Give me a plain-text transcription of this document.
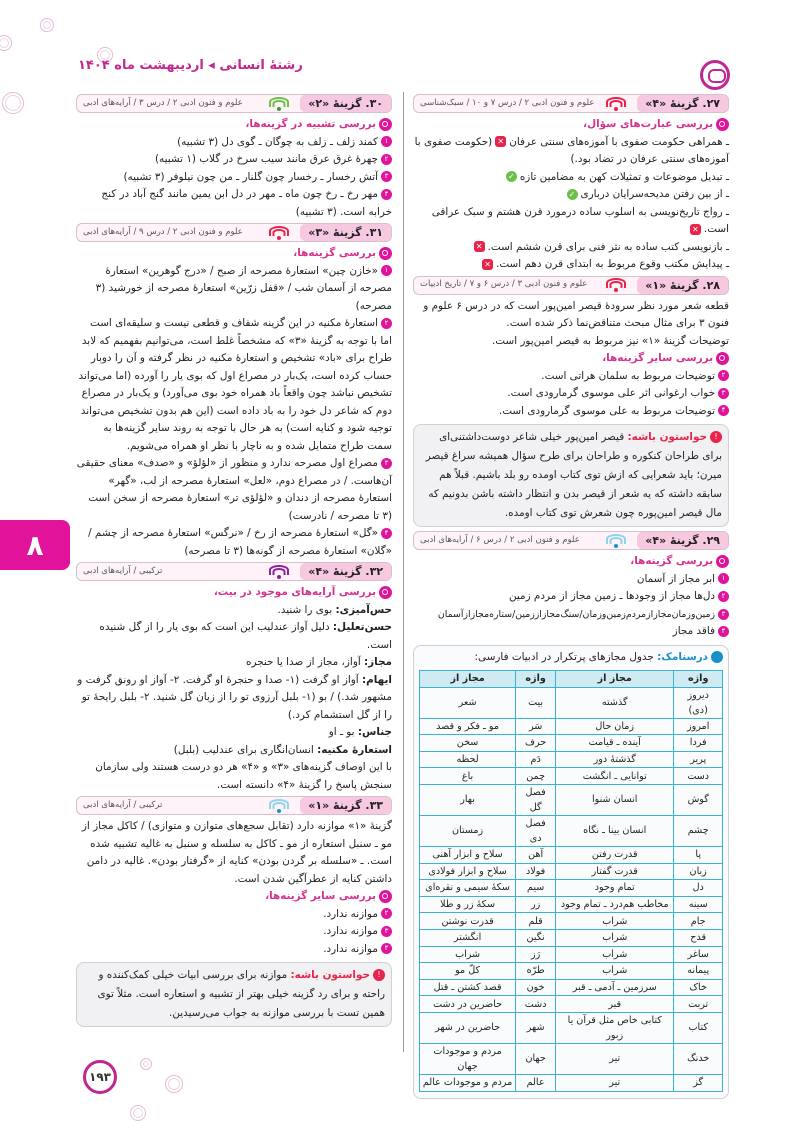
رشتهٔ انسانی ◂ اردیبهشت ماه ۱۴۰۴
۸
۲۷. گزینهٔ «۴»
علوم و فنون ادبی ۲ / درس ۷ و ۱۰ / سبک‌شناسی
بررسی عبارت‌های سؤال،
ـ همراهی حکومت صفوی با آموزه‌های سنتی عرفان✕(حکومت صفوی با آموزه‌های سنتی عرفان در تضاد بود.)
ـ تبدیل موضوعات و تمثیلات کهن به مضامین تازه✓
ـ از بین رفتن مدیحه‌سرایان درباری✓
ـ رواج تاریخ‌نویسی به اسلوب ساده درمورد قرن هشتم و سبک عراقی است.✕
ـ بازنویسی کتب ساده به نثر فنی برای قرن ششم است.✕
ـ پیدایش مکتب وقوع مربوط به ابتدای قرن دهم است.✕
۲۸. گزینهٔ «۱»
علوم و فنون ادبی ۳ / درس ۶ و ۷ / تاریخ ادبیات
قطعه شعر مورد نظر سرودهٔ قیصر امین‌پور است که در درس ۶ علوم و فنون ۳ برای مثال مبحث متناقض‌نما ذکر شده است.
توضیحات گزینهٔ «۱» نیز مربوط به قیصر امین‌پور است.
بررسی سایر گزینه‌ها،
۲توضیحات مربوط به سلمان هراتی است.
۳خواب ارغوانی اثر علی موسوی گرمارودی است.
۴توضیحات مربوط به علی موسوی گرمارودی است.
!حواستون باشه: قیصر امین‌پور خیلی شاعر دوست‌داشتنی‌ای برای طراحان کنکوره و طراحان برای طرح سؤال همیشه سراغ قیصر میرن؛ باید شعرایی که ازش توی کتاب اومده رو بلد باشیم. قبلاً هم سابقه داشته که یه شعر از قیصر بدن و انتظار داشته باشن بدونیم که مال قیصر امین‌پوره چون شعرش توی کتاب اومده.
۲۹. گزینهٔ «۴»
علوم و فنون ادبی ۲ / درس ۶ / آرایه‌های ادبی
بررسی گزینه‌ها،
۱ابر مجاز از آسمان
۲دل‌ها مجاز از وجودها ـ زمین مجاز از مردم زمین
۳زمین‌وزمان‌مجازازمردم‌زمین‌وزمان/سنگ‌مجازاززمین/ستاره‌مجازازآسمان
۴فاقد مجاز
درسنامک: جدول مجازهای پرتکرار در ادبیات فارسی:
واژه	مجاز از	واژه	مجاز از
دیروز (دی)	گذشته	بیت	شعر
امروز	زمان حال	سَر	مو ـ فکر و قصد
فردا	آینده ـ قیامت	حرف	سخن
پریر	گذشتهٔ دور	دَم	لحظه
دست	توانایی ـ انگشت	چمن	باغ
گوش	انسان شنوا	فصل گل	بهار
چشم	انسان بینا ـ نگاه	فصل دی	زمستان
پا	قدرت رفتن	آهن	سلاح و ابزار آهنی
زبان	قدرت گفتار	فولاد	سلاح و ابزار فولادی
دل	تمام وجود	سیم	سکهٔ سیمی و نقره‌ای
سینه	مخاطب هم‌درد ـ تمام وجود	زر	سکهٔ زر و طلا
جام	شراب	قلم	قدرت نوشتن
قدح	شراب	نگین	انگشتر
ساغر	شراب	رَز	شراب
پیمانه	شراب	طرّه	کلّ مو
خاک	سرزمین ـ آدمی ـ قبر	خون	قصد کشتن ـ قتل
تربت	قبر	دشت	حاضرین در دشت
کتاب	کتابی خاص مثل قرآن یا زبور	شهر	حاضرین در شهر
خدنگ	تیر	جهان	مردم و موجودات جهان
گز	تیر	عالم	مردم و موجودات عالم
۳۰. گزینهٔ «۲»
علوم و فنون ادبی ۲ / درس ۳ / آرایه‌های ادبی
بررسی تشبیه در گزینه‌ها،
۱کمند زلف ـ زلف به چوگان ـ گوی دل (۳ تشبیه)
۲چهرهٔ غرق عرق مانند سیب سرخ در گلاب (۱ تشبیه)
۳آتش رخسار ـ رخسار چون گلنار ـ من چون نیلوفر (۳ تشبیه)
۴مهر رخ ـ رخ چون ماه ـ مهر در دل ابن یمین مانند گنج آباد در کنج خرابه است. (۳ تشبیه)
۳۱. گزینهٔ «۳»
علوم و فنون ادبی ۲ / درس ۹ / آرایه‌های ادبی
بررسی گزینه‌ها،
۱«خازن چین» استعارهٔ مصرحه از صبح / «درج گوهرین» استعارهٔ مصرحه از آسمان شب / «قفل زرّین» استعارهٔ مصرحه از خورشید (۳ مصرحه)
۲استعارهٔ مکنیه در این گزینه شفاف و قطعی نیست و سلیقه‌ای است اما با توجه به گزینهٔ «۳» که مشخصاً غلط است، می‌توانیم بفهمیم که لابد طراح برای «باد» تشخیص و استعارهٔ مکنیه در نظر گرفته و آن را دوبار حساب کرده است، یک‌بار در مصراع اول که بوی یار را آورده (اما می‌تواند تشخیص نباشد چون واقعاً باد همراه خود بوی می‌آورد) و یک‌بار در مصراع دوم که شاعر دل خود را به باد داده است (این هم بدون تشخیص می‌تواند توجیه شود و کنایه است) به هر حال با توجه به روند سایر گزینه‌ها به سمت طراح متمایل شده و به ناچار با نظر او همراه می‌شویم.
۳مصراع اول مصرحه ندارد و منظور از «لؤلؤ» و «صدف» معنای حقیقی آن‌هاست. / در مصراع دوم، «لعل» استعارهٔ مصرحه از لب، «گهر» استعارهٔ مصرحه از دندان و «لؤلؤی تر» استعارهٔ مصرحه از سخن است (۳ تا مصرحه / نادرست)
۴«گل» استعارهٔ مصرحه از رخ / «نرگس» استعارهٔ مصرحه از چشم / «گلان» استعارهٔ مصرحه از گونه‌ها (۳ تا مصرحه)
۳۲. گزینهٔ «۴»
ترکیبی / آرایه‌های ادبی
بررسی آرایه‌های موجود در بیت،
حس‌آمیزی: بوی را شنید.
حسن‌تعلیل: دلیل آواز عندلیب این است که بوی یار را از گل شنیده است.
مجاز: آواز، مجاز از صدا یا حنجره
ایهام: آواز او گرفت (۱- صدا و حنجرهٔ او گرفت. ۲- آواز او رونق گرفت و مشهور شد.) / بو (۱- بلبل آرزوی تو را از زبان گل شنید. ۲- بلبل رایحهٔ تو را از گل استشمام کرد.)
جناس: بو ـ او
استعارهٔ مکنیه: انسان‌انگاری برای عندلیب (بلبل)
با این اوصاف گزینه‌های «۳» و «۴» هر دو درست هستند ولی سازمان سنجش پاسخ را گزینهٔ «۴» دانسته است.
۳۳. گزینهٔ «۱»
ترکیبی / آرایه‌های ادبی
گزینهٔ «۱» موازنه دارد (تقابل سجع‌های متوازن و متوازی) / کاکل مجاز از مو ـ سنبل استعاره از مو ـ کاکل به سلسله و سنبل به غالیه تشبیه شده است. ـ «سلسله بر گردن بودن» کنایه از «گرفتار بودن». غالیه در دامن داشتن کنایه از عطرآگین شدن است.
بررسی سایر گزینه‌ها،
۲موازنه ندارد.
۳موازنه ندارد.
۴موازنه ندارد.
!حواستون باشه: موازنه برای بررسی ابیات خیلی کمک‌کننده و راحته و برای رد گزینه خیلی بهتر از تشبیه و استعاره است. مثلاً توی همین تست با بررسی موازنه به جواب می‌رسیدین.
۱۹۳
